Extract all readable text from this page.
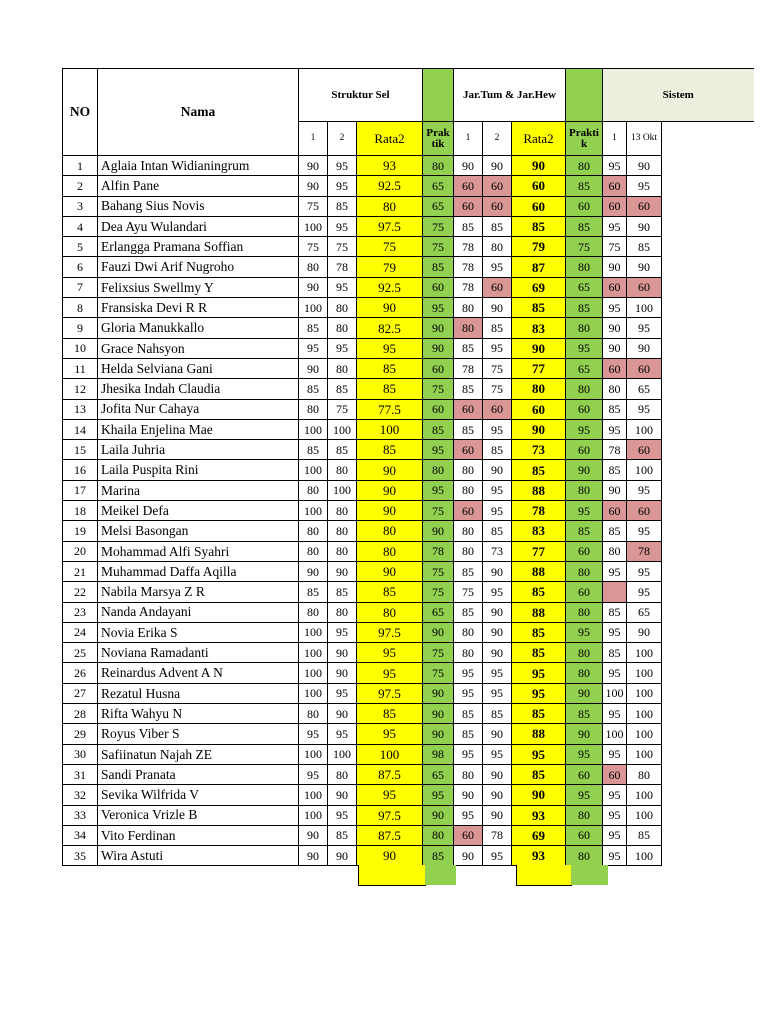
NO	Nama	Struktur Sel				Jar.Tum & Jar.Hew				Sistem		
		1	2	Rata2	Prak tik	1	2	Rata2	Prakti k	1	13 Okt	
1	Aglaia Intan Widianingrum	90	95	93	80	90	90	90	80	95	90	
2	Alfin Pane	90	95	92.5	65	60	60	60	85	60	95	
3	Bahang Sius Novis	75	85	80	65	60	60	60	60	60	60	
4	Dea Ayu Wulandari	100	95	97.5	75	85	85	85	85	95	90	
5	Erlangga Pramana Soffian	75	75	75	75	78	80	79	75	75	85	
6	Fauzi Dwi Arif Nugroho	80	78	79	85	78	95	87	80	90	90	
7	Felixsius Swellmy Y	90	95	92.5	60	78	60	69	65	60	60	
8	Fransiska Devi R R	100	80	90	95	80	90	85	85	95	100	
9	Gloria Manukkallo	85	80	82.5	90	80	85	83	80	90	95	
10	Grace Nahsyon	95	95	95	90	85	95	90	95	90	90	
11	Helda Selviana Gani	90	80	85	60	78	75	77	65	60	60	
12	Jhesika Indah Claudia	85	85	85	75	85	75	80	80	80	65	
13	Jofita Nur Cahaya	80	75	77.5	60	60	60	60	60	85	95	
14	Khaila Enjelina Mae	100	100	100	85	85	95	90	95	95	100	
15	Laila Juhria	85	85	85	95	60	85	73	60	78	60	
16	Laila Puspita Rini	100	80	90	80	80	90	85	90	85	100	
17	Marina	80	100	90	95	80	95	88	80	90	95	
18	Meikel Defa	100	80	90	75	60	95	78	95	60	60	
19	Melsi Basongan	80	80	80	90	80	85	83	85	85	95	
20	Mohammad Alfi Syahri	80	80	80	78	80	73	77	60	80	78	
21	Muhammad Daffa Aqilla	90	90	90	75	85	90	88	80	95	95	
22	Nabila Marsya Z R	85	85	85	75	75	95	85	60		95	
23	Nanda Andayani	80	80	80	65	85	90	88	80	85	65	
24	Novia Erika S	100	95	97.5	90	80	90	85	95	95	90	
25	Noviana Ramadanti	100	90	95	75	80	90	85	80	85	100	
26	Reinardus Advent A N	100	90	95	75	95	95	95	80	95	100	
27	Rezatul Husna	100	95	97.5	90	95	95	95	90	100	100	
28	Rifta Wahyu N	80	90	85	90	85	85	85	85	95	100	
29	Royus Viber S	95	95	95	90	85	90	88	90	100	100	
30	Safiinatun Najah ZE	100	100	100	98	95	95	95	95	95	100	
31	Sandi Pranata	95	80	87.5	65	80	90	85	60	60	80	
32	Sevika Wilfrida V	100	90	95	95	90	90	90	95	95	100	
33	Veronica Vrizle B	100	95	97.5	90	95	90	93	80	95	100	
34	Vito Ferdinan	90	85	87.5	80	60	78	69	60	95	85	
35	Wira Astuti	90	90	90	85	90	95	93	80	95	100	
